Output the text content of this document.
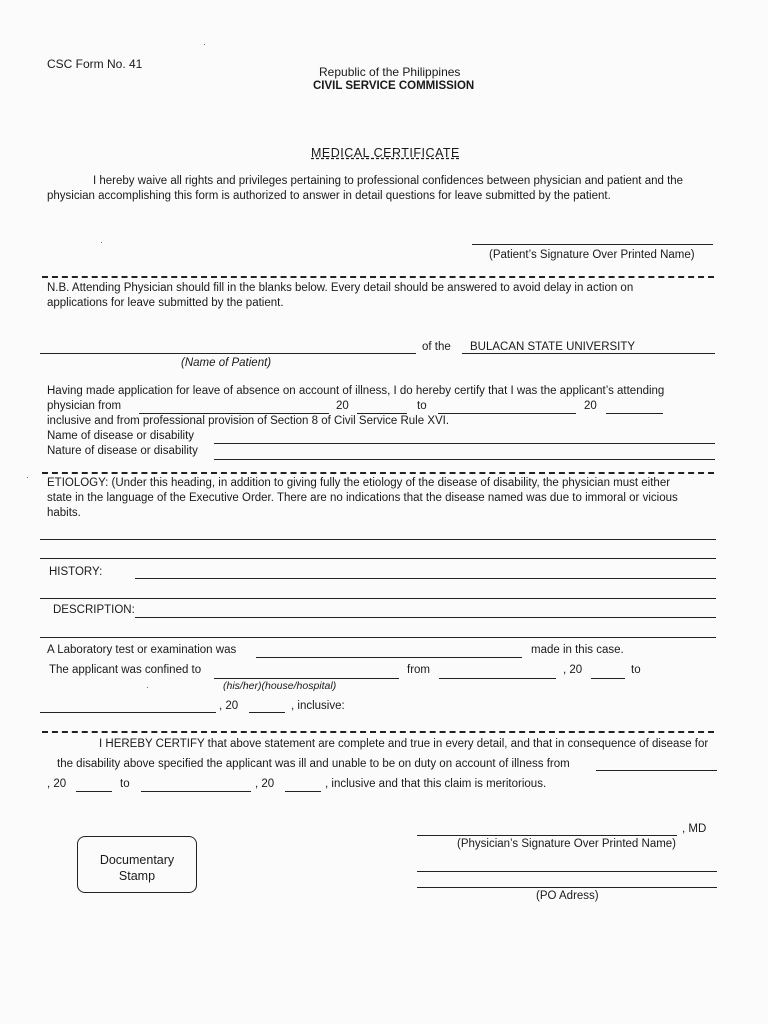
CSC Form No. 41
Republic of the Philippines
CIVIL SERVICE COMMISSION
·
MEDICAL CERTIFICATE
I hereby waive all rights and privileges pertaining to professional confidences between physician and patient and the physician accomplishing this form is authorized to answer in detail questions for leave submitted by the patient.
·
(Patient’s Signature Over Printed Name)
N.B. Attending Physician should fill in the blanks below. Every detail should be answered to avoid delay in action on
applications for leave submitted by the patient.
of the BULACAN STATE UNIVERSITY
(Name of Patient)
Having made application for leave of absence on account of illness, I do hereby certify that I was the applicant’s attending
physician from	20	to	20
inclusive and from professional provision of Section 8 of Civil Service Rule XVI.
Name of disease or disability
Nature of disease or disability
· ETIOLOGY: (Under this heading, in addition to giving fully the etiology of the disease of disability, the physician must either
state in the language of the Executive Order. There are no indications that the disease named was due to immoral or vicious
habits.
HISTORY:
DESCRIPTION:
A Laboratory test or examination was	made in this case.
The applicant was confined to	from	, 20	to
(his/her)(house/hospital)
·
, 20	, inclusive:
I HEREBY CERTIFY that above statement are complete and true in every detail, and that in consequence of disease for
the disability above specified the applicant was ill and unable to be on duty on account of illness from
, 20	to	, 20	, inclusive and that this claim is meritorious.
, MD
(Physician’s Signature Over Printed Name)
(PO Adress)
Documentary
Stamp
